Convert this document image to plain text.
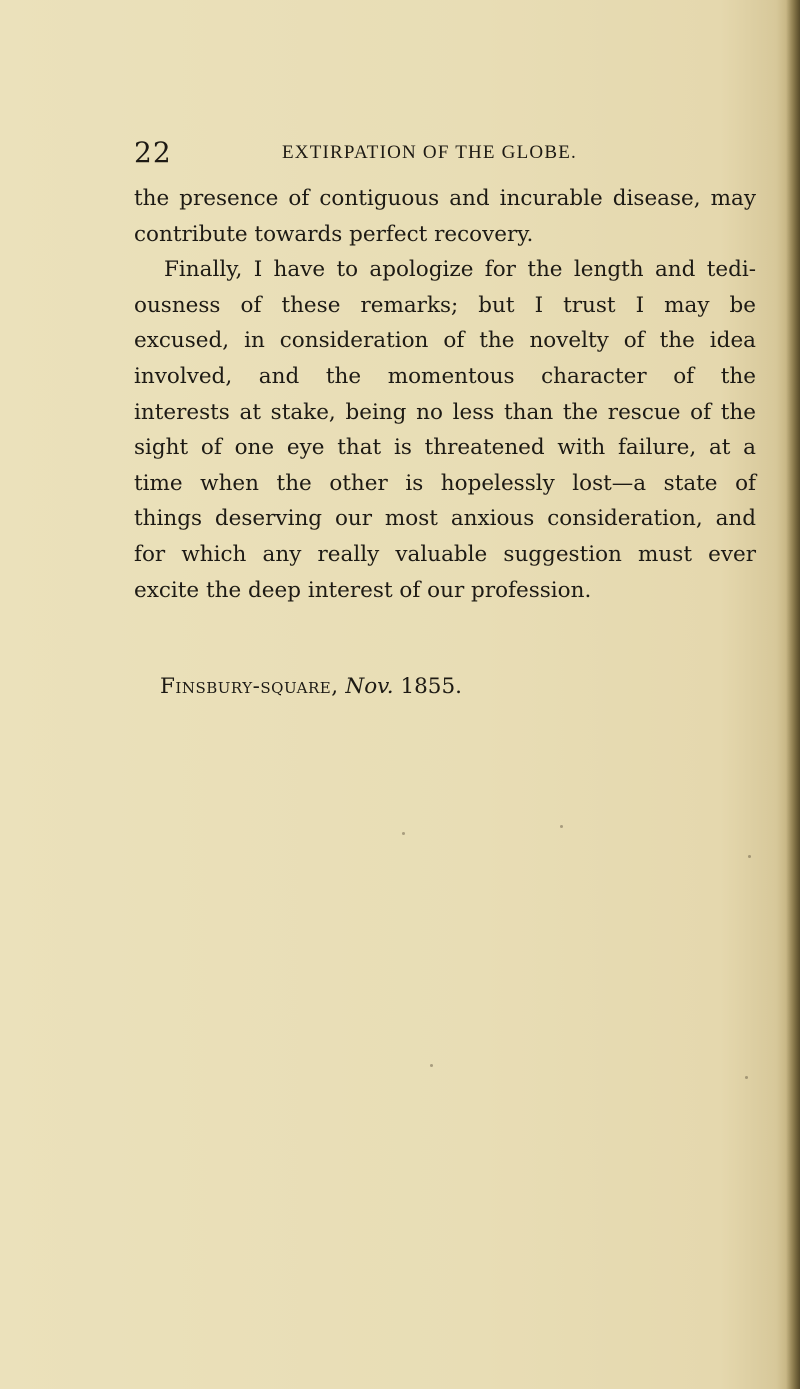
22	EXTIRPATION OF THE GLOBE.
the presence of contiguous and incurable disease, may
contribute towards perfect recovery.
Finally, I have to apologize for the length and tedi-
ousness of these remarks; but I trust I may be
excused, in consideration of the novelty of the idea
involved, and the momentous character of the
interests at stake, being no less than the rescue of the
sight of one eye that is threatened with failure, at a
time when the other is hopelessly lost—a state of
things deserving our most anxious consideration, and
for which any really valuable suggestion must ever
excite the deep interest of our profession.
Finsbury-square, Nov. 1855.
